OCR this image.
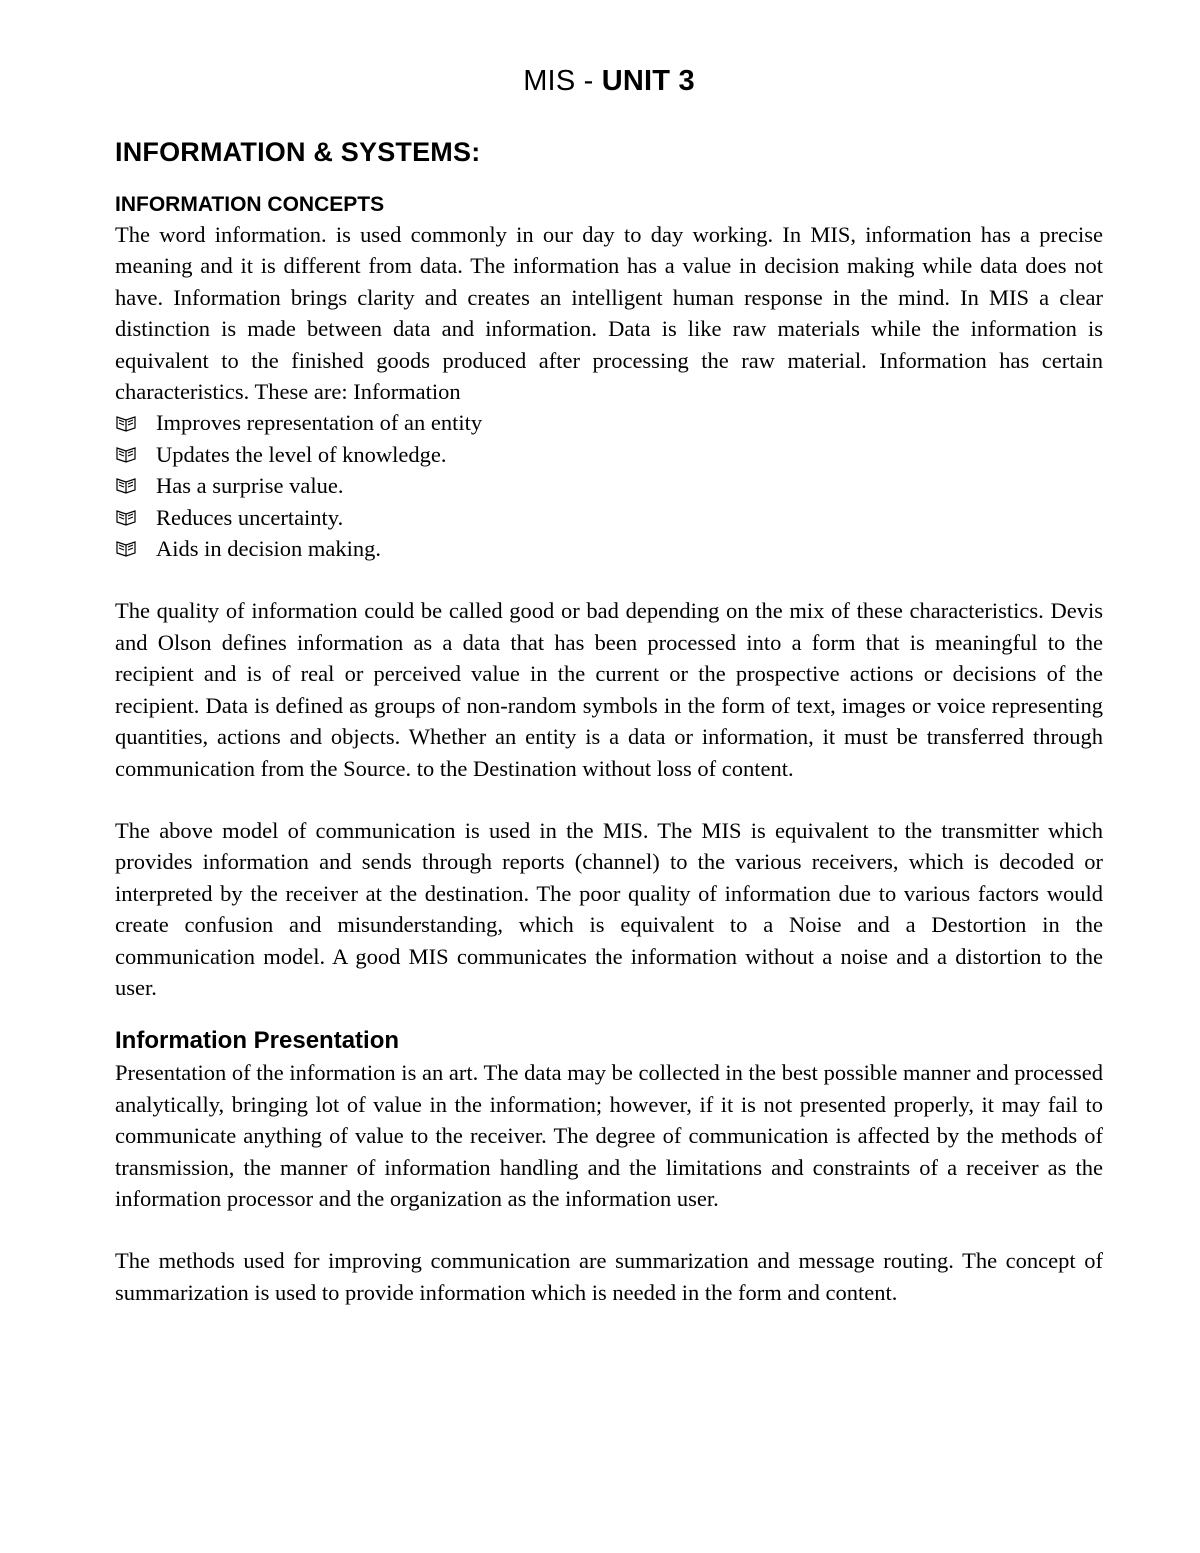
MIS - UNIT 3
INFORMATION & SYSTEMS:
INFORMATION CONCEPTS

The word information. is used commonly in our day to day working. In MIS, information has a precise meaning and it is different from data. The information has a value in decision making while data does not have. Information brings clarity and creates an intelligent human response in the mind. In MIS a clear distinction is made between data and information. Data is like raw materials while the information is equivalent to the finished goods produced after processing the raw material. Information has certain characteristics. These are: Information

Improves representation of an entity
Updates the level of knowledge.
Has a surprise value.
Reduces uncertainty.
Aids in decision making.

The quality of information could be called good or bad depending on the mix of these characteristics. Devis and Olson defines information as a data that has been processed into a form that is meaningful to the recipient and is of real or perceived value in the current or the prospective actions or decisions of the recipient. Data is defined as groups of non-random symbols in the form of text, images or voice representing quantities, actions and objects. Whether an entity is a data or information, it must be transferred through communication from the Source. to the Destination without loss of content.

The above model of communication is used in the MIS. The MIS is equivalent to the transmitter which provides information and sends through reports (channel) to the various receivers, which is decoded or interpreted by the receiver at the destination. The poor quality of information due to various factors would create confusion and misunderstanding, which is equivalent to a Noise and a Destortion in the communication model. A good MIS communicates the information without a noise and a distortion to the user.

Information Presentation

Presentation of the information is an art. The data may be collected in the best possible manner and processed analytically, bringing lot of value in the information; however, if it is not presented properly, it may fail to communicate anything of value to the receiver. The degree of communication is affected by the methods of transmission, the manner of information handling and the limitations and constraints of a receiver as the information processor and the organization as the information user.

The methods used for improving communication are summarization and message routing. The concept of summarization is used to provide information which is needed in the form and content.
